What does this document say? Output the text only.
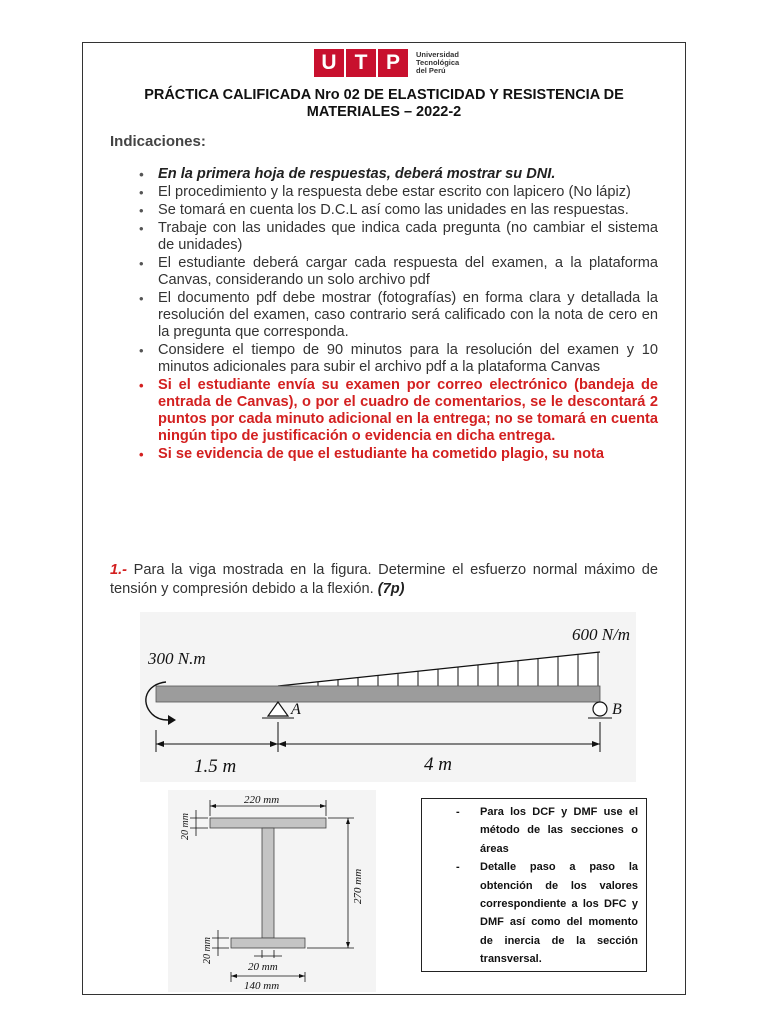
U T P	Universidad
Tecnológica
del Perú
PRÁCTICA CALIFICADA Nro 02 DE ELASTICIDAD Y RESISTENCIA DE MATERIALES – 2022-2
Indicaciones:
• En la primera hoja de respuestas, deberá mostrar su DNI.
• El procedimiento y la respuesta debe estar escrito con lapicero (No lápiz)
• Se tomará en cuenta los D.C.L así como las unidades en las respuestas.
• Trabaje con las unidades que indica cada pregunta (no cambiar el sistema de unidades)
• El estudiante deberá cargar cada respuesta del examen, a la plataforma Canvas, considerando un solo archivo pdf
• El documento pdf debe mostrar (fotografías) en forma clara y detallada la resolución del examen, caso contrario será calificado con la nota de cero en la pregunta que corresponda.
• Considere el tiempo de 90 minutos para la resolución del examen y 10 minutos adicionales para subir el archivo pdf a la plataforma Canvas
• Si el estudiante envía su examen por correo electrónico (bandeja de entrada de Canvas), o por el cuadro de comentarios, se le descontará 2 puntos por cada minuto adicional en la entrega; no se tomará en cuenta ningún tipo de justificación o evidencia en dicha entrega.
• Si se evidencia de que el estudiante ha cometido plagio, su nota
1.- Para la viga mostrada en la figura. Determine el esfuerzo normal máximo de tensión y compresión debido a la flexión. (7p)
300 N.m
600 N/m
A	B
1.5 m	4 m
220 mm
20 mm
270 mm
20 mm
20 mm
140 mm
- Para los DCF y DMF use el método de las secciones o áreas
- Detalle paso a paso la obtención de los valores correspondiente a los DFC y DMF así como del momento de inercia de la sección transversal.
